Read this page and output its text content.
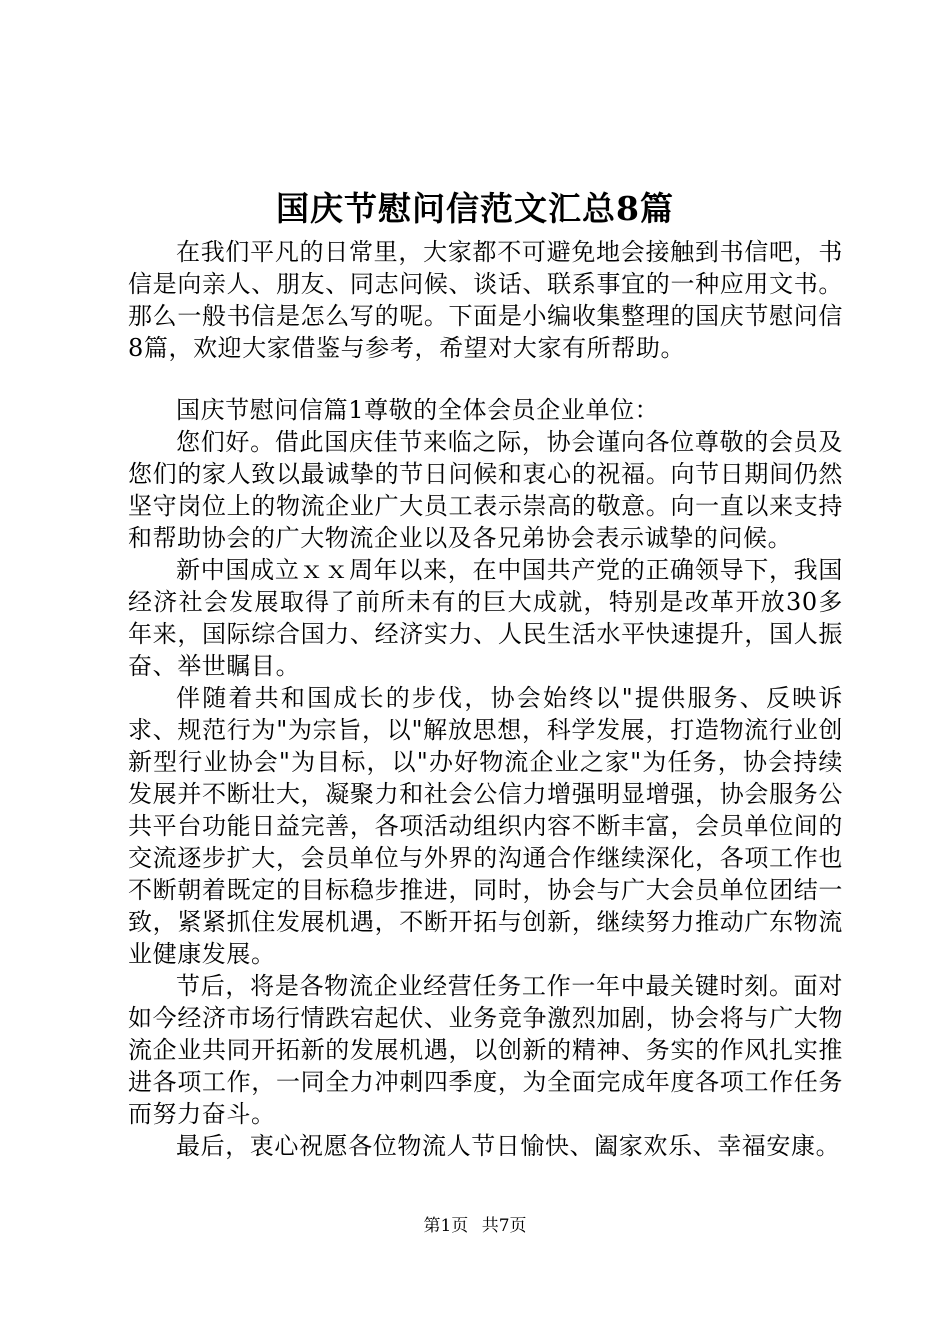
国庆节慰问信范文汇总8篇

在我们平凡的日常里，大家都不可避免地会接触到书信吧，书信是向亲人、朋友、同志问候、谈话、联系事宜的一种应用文书。那么一般书信是怎么写的呢。下面是小编收集整理的国庆节慰问信8篇，欢迎大家借鉴与参考，希望对大家有所帮助。

国庆节慰问信篇1尊敬的全体会员企业单位：

您们好。借此国庆佳节来临之际，协会谨向各位尊敬的会员及您们的家人致以最诚挚的节日问候和衷心的祝福。向节日期间仍然坚守岗位上的物流企业广大员工表示崇高的敬意。向一直以来支持和帮助协会的广大物流企业以及各兄弟协会表示诚挚的问候。

新中国成立ｘｘ周年以来，在中国共产党的正确领导下，我国经济社会发展取得了前所未有的巨大成就，特别是改革开放30多年来，国际综合国力、经济实力、人民生活水平快速提升，国人振奋、举世瞩目。

伴随着共和国成长的步伐，协会始终以"提供服务、反映诉求、规范行为"为宗旨，以"解放思想，科学发展，打造物流行业创新型行业协会"为目标，以"办好物流企业之家"为任务，协会持续发展并不断壮大，凝聚力和社会公信力增强明显增强，协会服务公共平台功能日益完善，各项活动组织内容不断丰富，会员单位间的交流逐步扩大，会员单位与外界的沟通合作继续深化，各项工作也不断朝着既定的目标稳步推进，同时，协会与广大会员单位团结一致，紧紧抓住发展机遇，不断开拓与创新，继续努力推动广东物流业健康发展。

节后，将是各物流企业经营任务工作一年中最关键时刻。面对如今经济市场行情跌宕起伏、业务竞争激烈加剧，协会将与广大物流企业共同开拓新的发展机遇，以创新的精神、务实的作风扎实推进各项工作，一同全力冲刺四季度，为全面完成年度各项工作任务而努力奋斗。

最后，衷心祝愿各位物流人节日愉快、阖家欢乐、幸福安康。

第1页 共7页
